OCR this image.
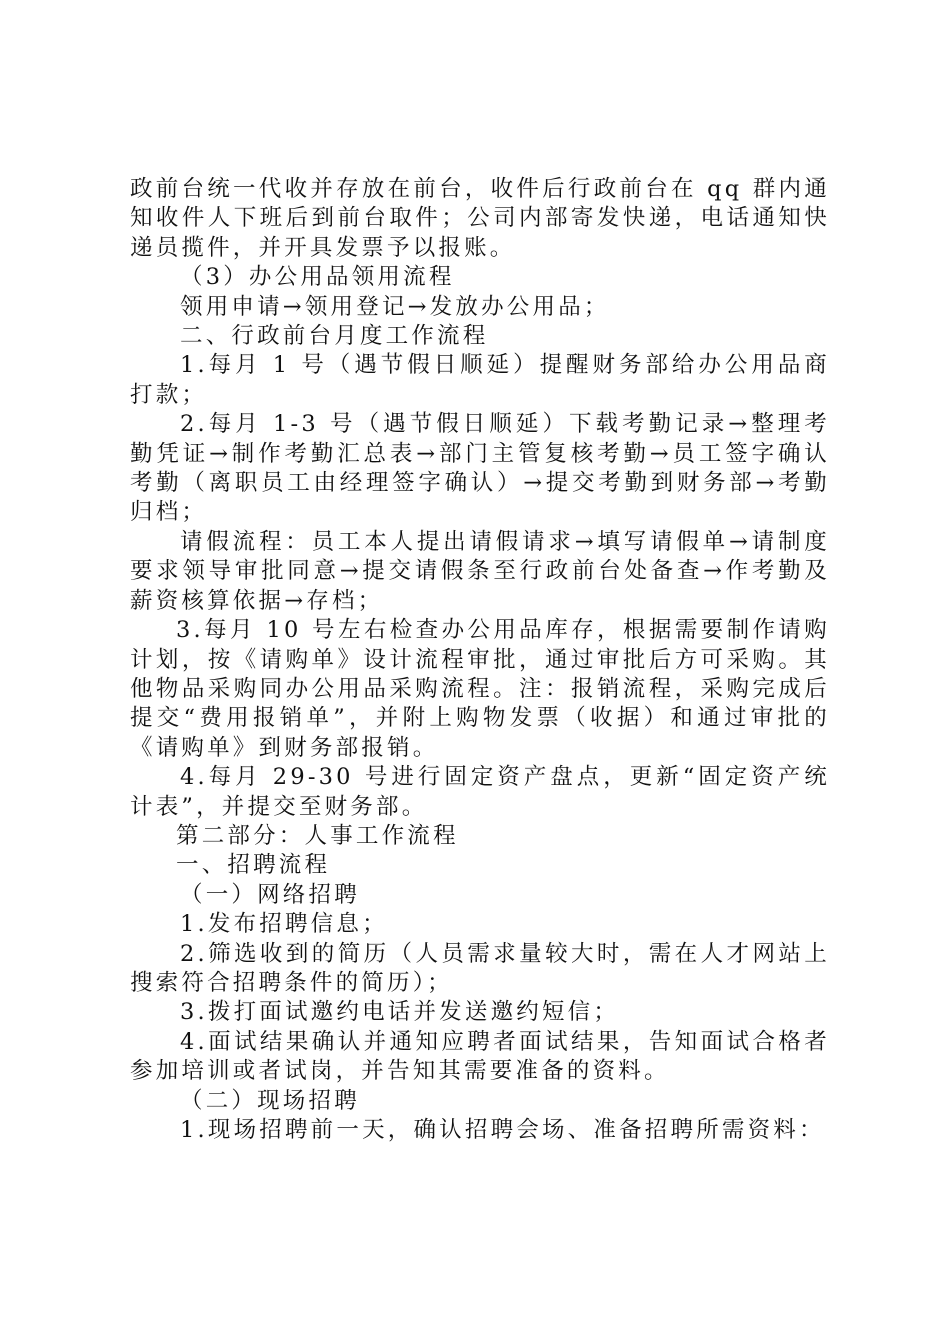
政前台统一代收并存放在前台，收件后行政前台在 qq 群内通知收件人下班后到前台取件；公司内部寄发快递，电话通知快递员揽件，并开具发票予以报账。

（3）办公用品领用流程

领用申请→领用登记→发放办公用品；

二、行政前台月度工作流程

1.每月 1 号（遇节假日顺延）提醒财务部给办公用品商打款；

2.每月 1-3 号（遇节假日顺延）下载考勤记录→整理考勤凭证→制作考勤汇总表→部门主管复核考勤→员工签字确认考勤（离职员工由经理签字确认）→提交考勤到财务部→考勤归档；

请假流程：员工本人提出请假请求→填写请假单→请制度要求领导审批同意→提交请假条至行政前台处备查→作考勤及薪资核算依据→存档；

3.每月 10 号左右检查办公用品库存，根据需要制作请购计划，按《请购单》设计流程审批，通过审批后方可采购。其他物品采购同办公用品采购流程。注：报销流程，采购完成后提交“费用报销单”，并附上购物发票（收据）和通过审批的《请购单》到财务部报销。

4.每月 29-30 号进行固定资产盘点，更新“固定资产统计表”，并提交至财务部。

第二部分：人事工作流程

一、招聘流程

（一）网络招聘

1.发布招聘信息；

2.筛选收到的简历（人员需求量较大时，需在人才网站上搜索符合招聘条件的简历）；

3.拨打面试邀约电话并发送邀约短信；

4.面试结果确认并通知应聘者面试结果，告知面试合格者参加培训或者试岗，并告知其需要准备的资料。

（二）现场招聘

1.现场招聘前一天，确认招聘会场、准备招聘所需资料：
